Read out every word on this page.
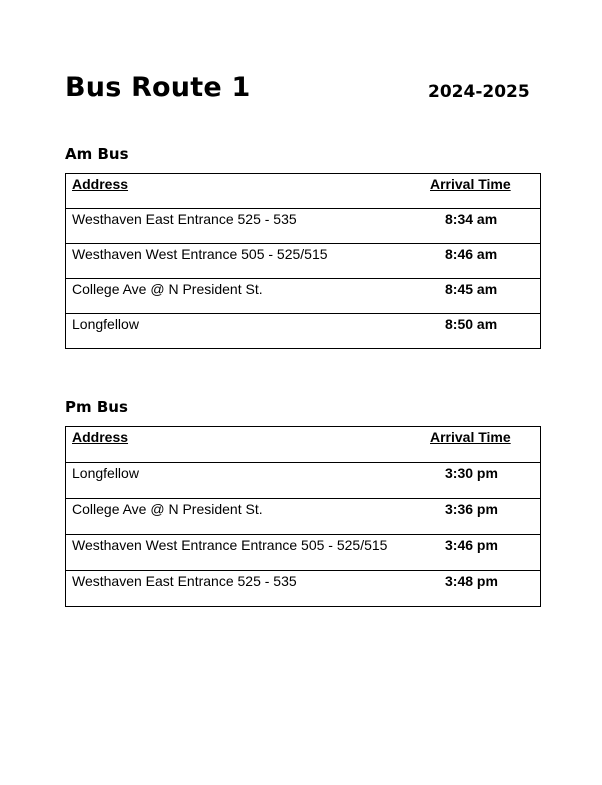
Bus Route 1	2024-2025
Am Bus
Address	Arrival Time
Westhaven East Entrance 525 - 535	8:34 am
Westhaven West Entrance 505 - 525/515	8:46 am
College Ave @ N President St.	8:45 am
Longfellow	8:50 am
Pm Bus
Address	Arrival Time
Longfellow	3:30 pm
College Ave @ N President St.	3:36 pm
Westhaven West Entrance Entrance 505 - 525/515	3:46 pm
Westhaven East Entrance 525 - 535	3:48 pm
